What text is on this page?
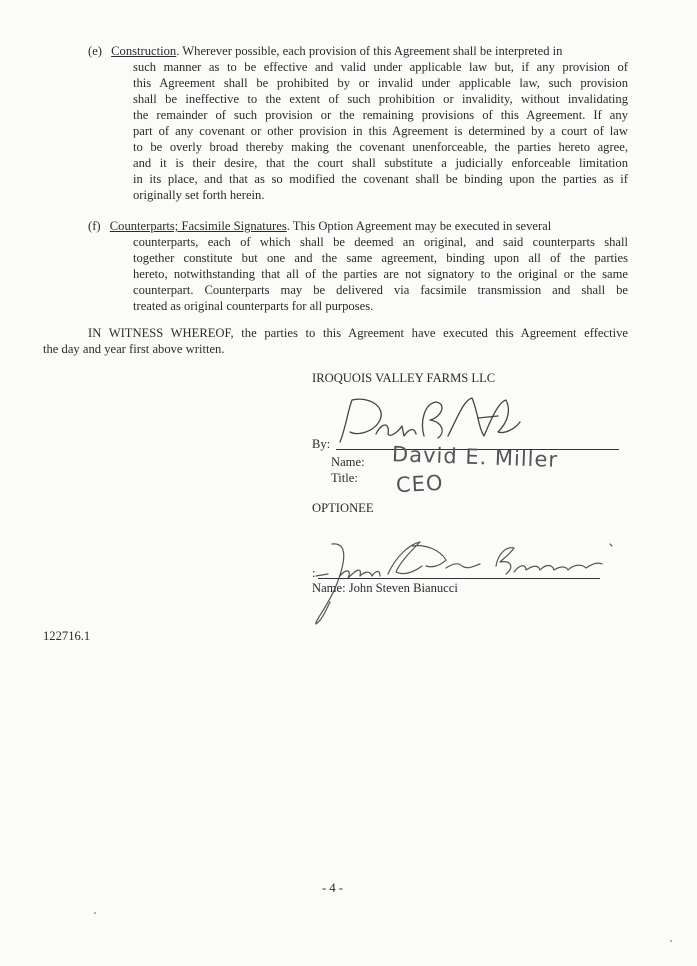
(e) Construction. Wherever possible, each provision of this Agreement shall be interpreted in
such manner as to be effective and valid under applicable law but, if any provision of
this Agreement shall be prohibited by or invalid under applicable law, such provision
shall be ineffective to the extent of such prohibition or invalidity, without invalidating
the remainder of such provision or the remaining provisions of this Agreement. If any
part of any covenant or other provision in this Agreement is determined by a court of law
to be overly broad thereby making the covenant unenforceable, the parties hereto agree,
and it is their desire, that the court shall substitute a judicially enforceable limitation
in its place, and that as so modified the covenant shall be binding upon the parties as if
originally set forth herein.
(f) Counterparts; Facsimile Signatures. This Option Agreement may be executed in several
counterparts, each of which shall be deemed an original, and said counterparts shall
together constitute but one and the same agreement, binding upon all of the parties
hereto, notwithstanding that all of the parties are not signatory to the original or the same
counterpart. Counterparts may be delivered via facsimile transmission and shall be
treated as original counterparts for all purposes.
IN WITNESS WHEREOF, the parties to this Agreement have executed this Agreement effective
the day and year first above written.
IROQUOIS VALLEY FARMS LLC
By:
Name: David E. Miller
Title: CEO
OPTIONEE
:
Name: John Steven Bianucci
122716.1
- 4 -
